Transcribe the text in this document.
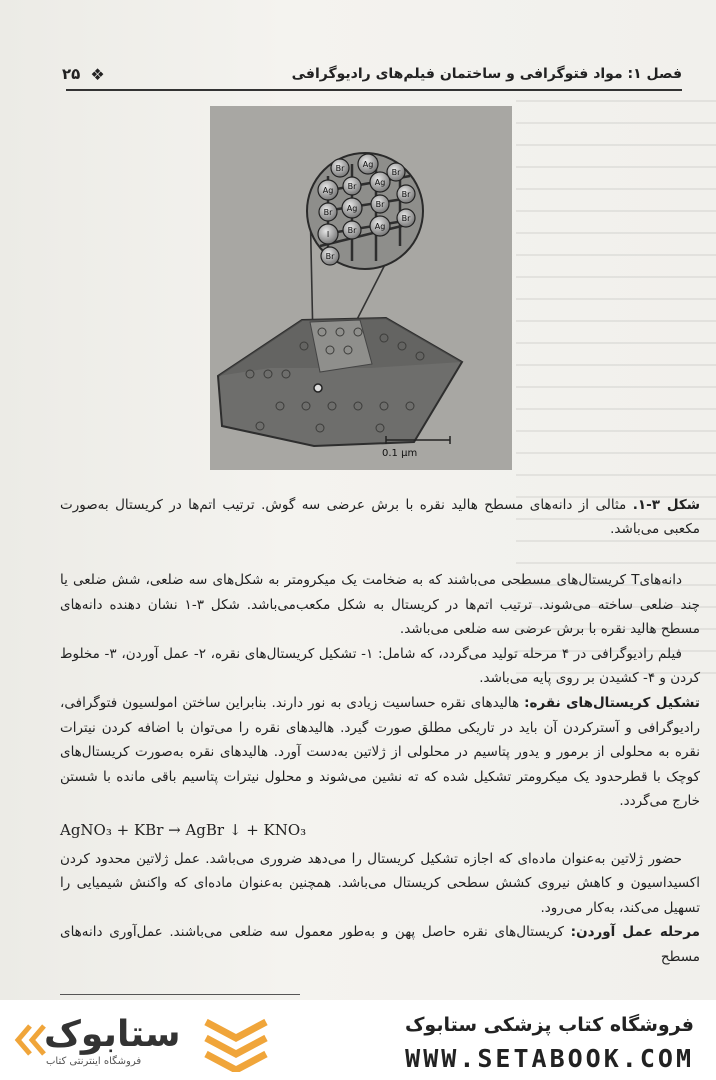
فصل ۱: مواد فتوگرافی و ساختمان فیلم‌های رادیوگرافی
۲۵ ❖
0.1 µm
Br Ag
Br
Ag Br Ag
Br
Br Ag Br
I Br Ag
Br
Br
شکل ۳-۱. مثالی از دانه‌های مسطح هالید نقره با برش عرضی سه گوش. ترتیب اتم‌ها در کریستال به‌صورت مکعبی می‌باشد.

دانه‌هایT کریستال‌های مسطحی می‌باشند که به ضخامت یک میکرومتر به شکل‌های سه ضلعی، شش ضلعی یا چند ضلعی ساخته می‌شوند. ترتیب اتم‌ها در کریستال به شکل مکعب‌می‌باشد. شکل ۳-۱ نشان دهنده دانه‌های مسطح هالید نقره با برش عرضی سه ضلعی می‌باشد.

فیلم رادیوگرافی در ۴ مرحله تولید می‌گردد، که شامل: ۱- تشکیل کریستال‌های نقره، ۲- عمل آوردن، ۳- مخلوط کردن و ۴- کشیدن بر روی پایه می‌باشد.

تشکیل کریستال‌های نقره: هالیدهای نقره حساسیت زیادی به نور دارند. بنابراین ساختن امولسیون فتوگرافی، رادیوگرافی و آسترکردن آن باید در تاریکی مطلق صورت گیرد. هالیدهای نقره را می‌توان با اضافه کردن نیترات نقره به محلولی از برمور و یدور پتاسیم در محلولی از ژلاتین به‌دست آورد. هالیدهای نقره به‌صورت کریستال‌های کوچک با قطرحدود یک میکرومتر تشکیل شده که ته نشین می‌شوند و محلول نیترات پتاسیم باقی مانده با شستن خارج می‌گردد.

AgNO₃ + KBr → AgBr ↓ + KNO₃

حضور ژلاتین به‌عنوان ماده‌ای که اجازه تشکیل کریستال را می‌دهد ضروری می‌باشد. عمل ژلاتین محدود کردن اکسیداسیون و کاهش نیروی کشش سطحی کریستال می‌باشد. همچنین به‌عنوان ماده‌ای که واکنش شیمیایی را تسهیل می‌کند، به‌کار می‌رود.

مرحله عمل آوردن: کریستال‌های نقره حاصل پهن و به‌طور معمول سه ضلعی می‌باشند. عمل‌آوری دانه‌های مسطح

ستابوک
فروشگاه اینترنتی کتاب
فروشگاه کتاب پزشکی ستابوک
WWW.SETABOOK.COM
